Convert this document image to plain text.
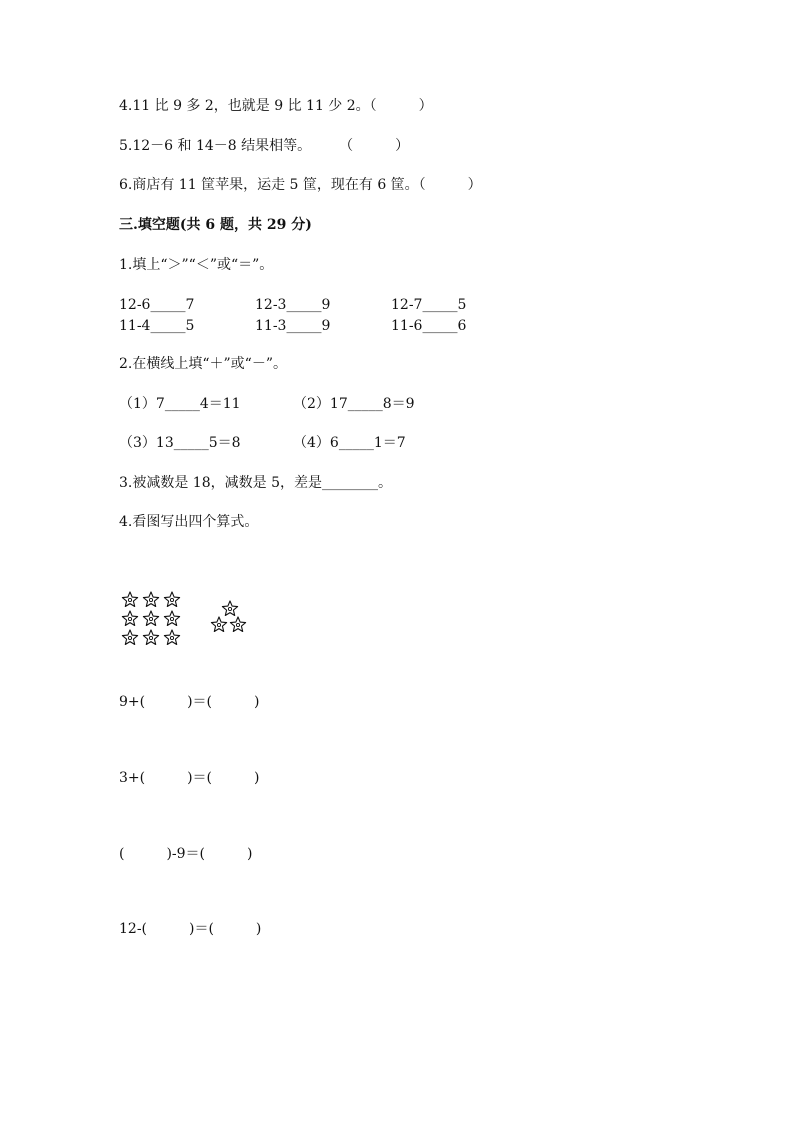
4.11 比 9 多 2，也就是 9 比 11 少 2。（　　　）
5.12－6 和 14－8 结果相等。　　　（　　　）
6.商店有 11 筐苹果，运走 5 筐，现在有 6 筐。（　　　）
三.填空题(共 6 题，共 29 分)
1.填上“＞”“＜”或“＝”。
12-6_____7	12-3_____9	12-7_____5
11-4_____5	11-3_____9	11-6_____6
2.在横线上填“＋”或“－”。
（1）7_____4＝11	（2）17_____8＝9
（3）13_____5＝8	（4）6_____1＝7
3.被减数是 18，减数是 5，差是________。
4.看图写出四个算式。
9+(　　　)＝(　　　)
3+(　　　)＝(　　　)
(　　　)-9＝(　　　)
12-(　　　)＝(　　　)
